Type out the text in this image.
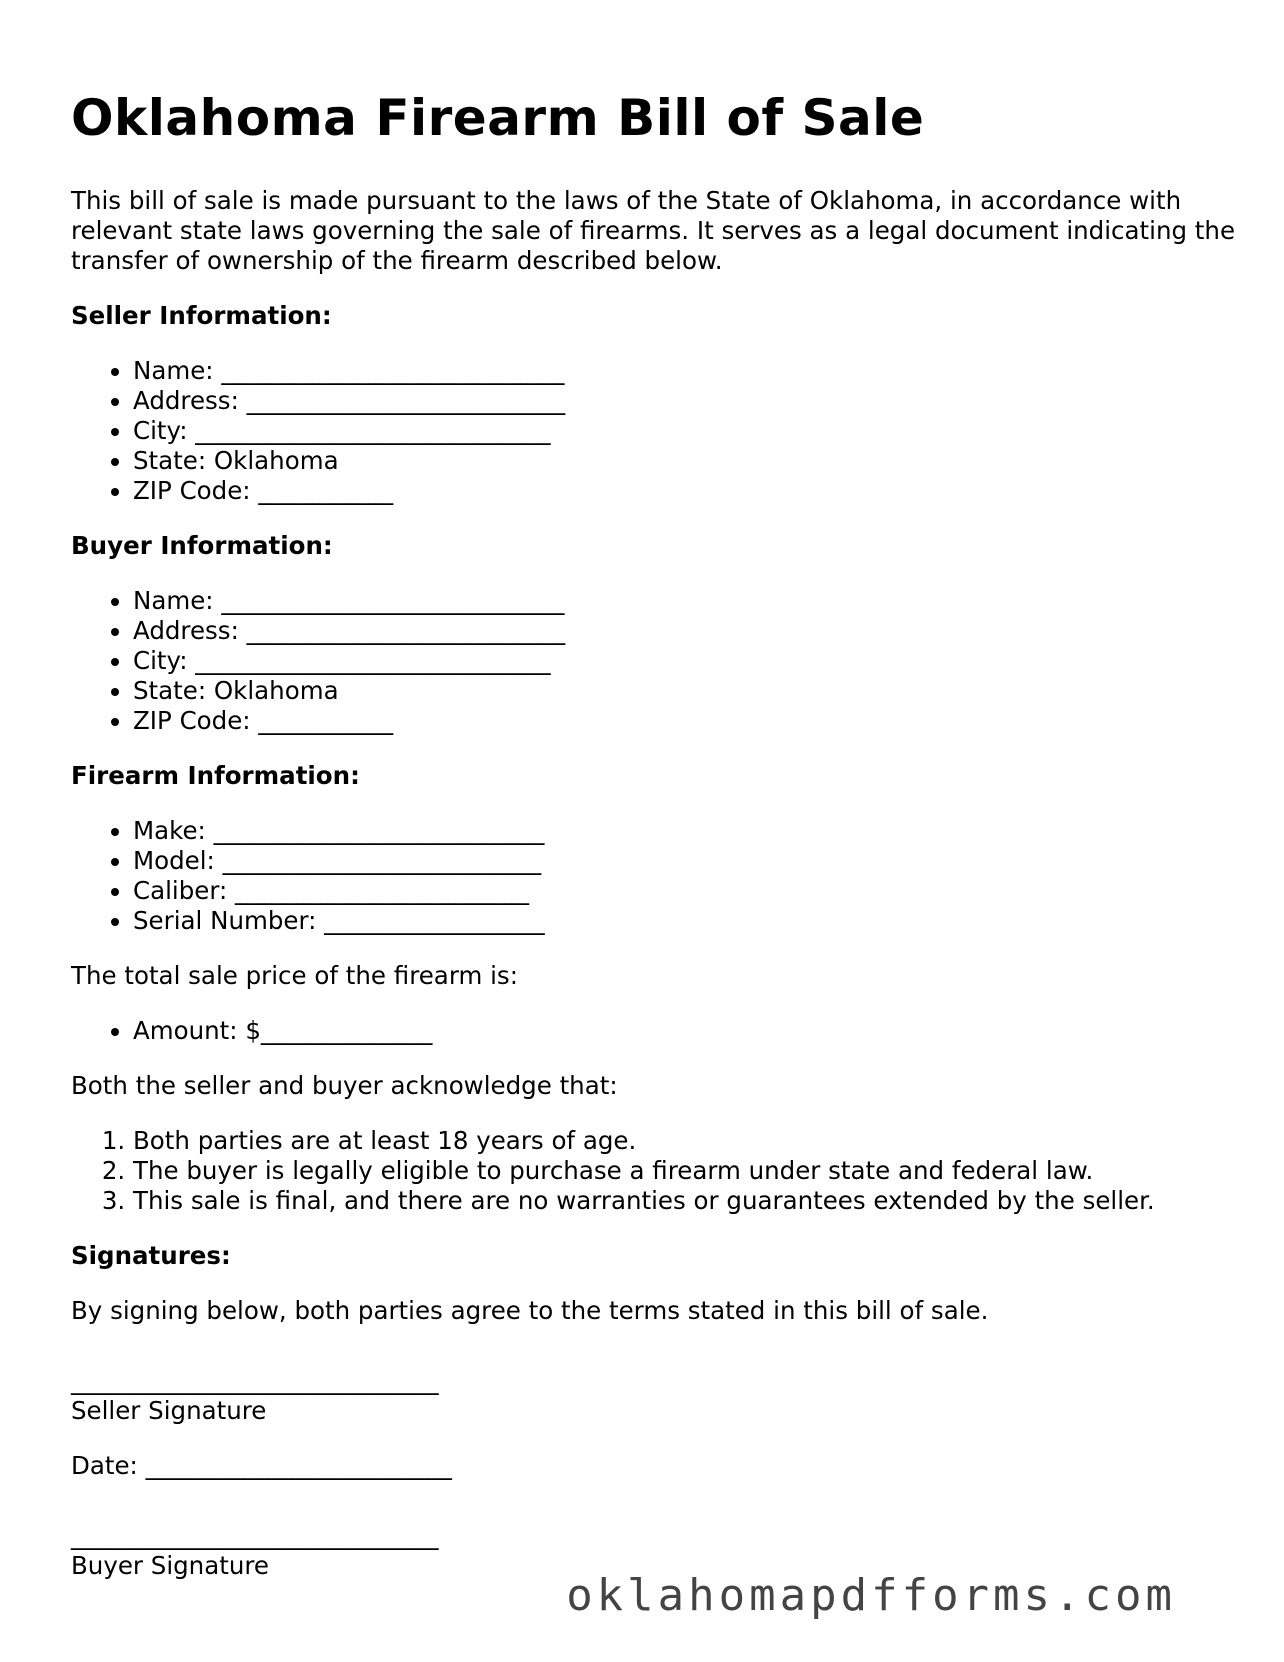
Oklahoma Firearm Bill of Sale

This bill of sale is made pursuant to the laws of the State of Oklahoma, in accordance with relevant state laws governing the sale of firearms. It serves as a legal document indicating the transfer of ownership of the firearm described below.

Seller Information:

• Name: ____________________________
• Address: __________________________
• City: _____________________________
• State: Oklahoma
• ZIP Code: ___________

Buyer Information:

• Name: ____________________________
• Address: __________________________
• City: _____________________________
• State: Oklahoma
• ZIP Code: ___________

Firearm Information:

• Make: ___________________________
• Model: __________________________
• Caliber: ________________________
• Serial Number: __________________

The total sale price of the firearm is:

• Amount: $______________

Both the seller and buyer acknowledge that:

1. Both parties are at least 18 years of age.
2. The buyer is legally eligible to purchase a firearm under state and federal law.
3. This sale is final, and there are no warranties or guarantees extended by the seller.

Signatures:

By signing below, both parties agree to the terms stated in this bill of sale.

______________________________

Seller Signature

Date: _________________________

______________________________

Buyer Signature

oklahomapdfforms.com
